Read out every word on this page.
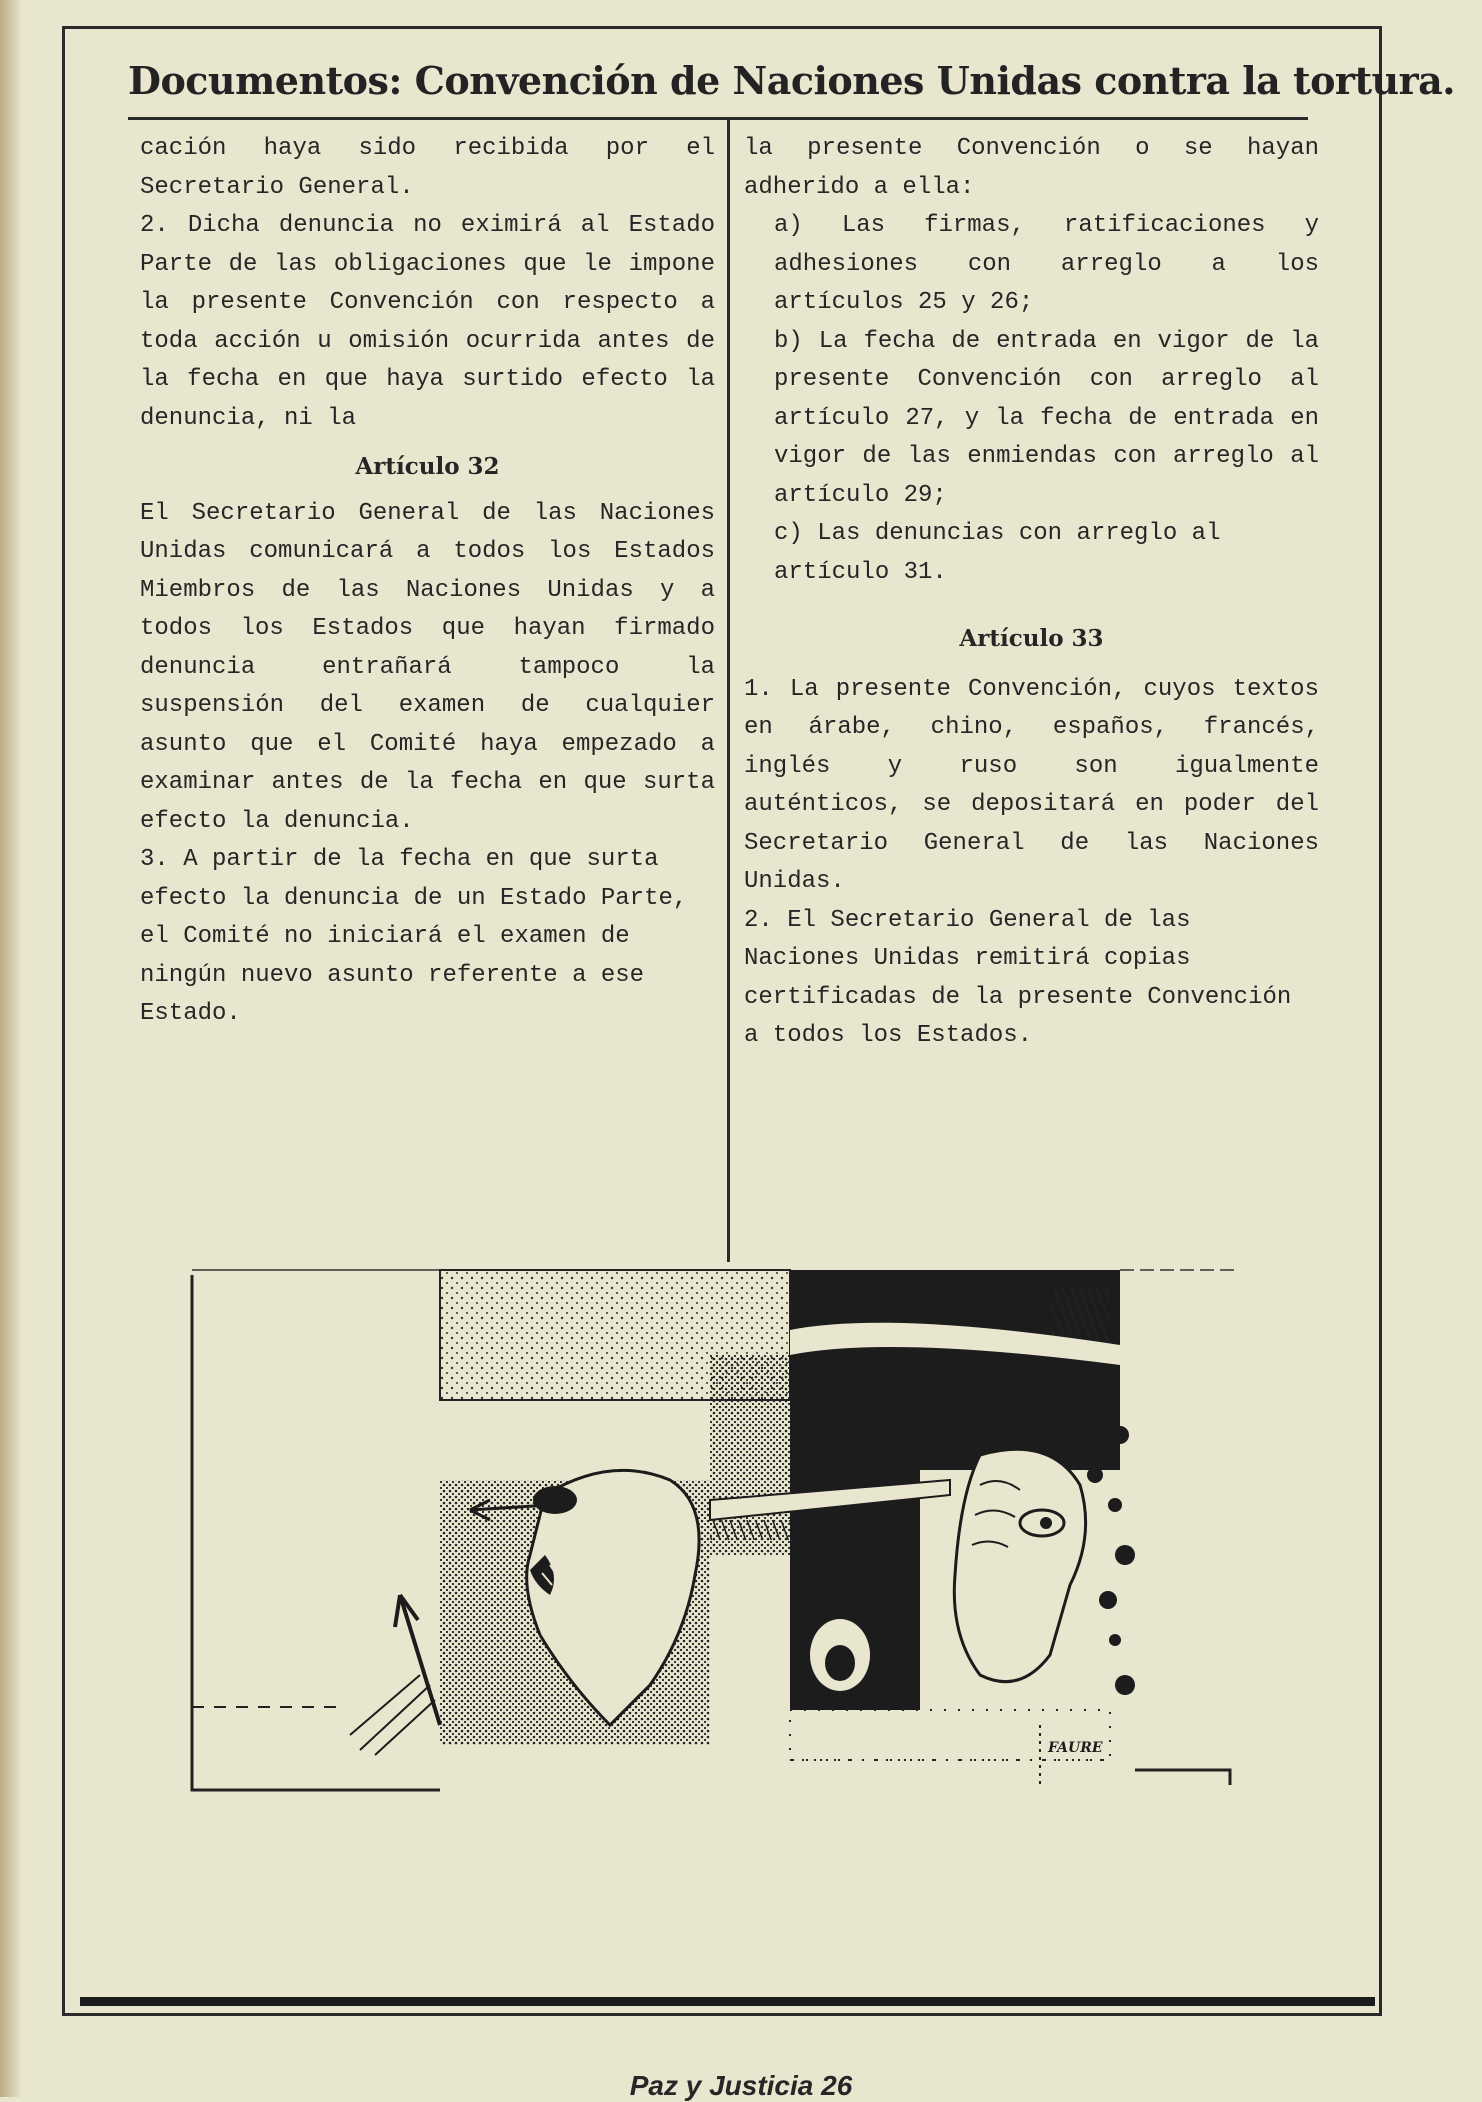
Documentos: Convención de Naciones Unidas contra la tortura.

cación haya sido recibida por el Secretario General.

2. Dicha denuncia no eximirá al Estado Parte de las obligaciones que le impone la presente Convención con respecto a toda acción u omisión ocurrida antes de la fecha en que haya surtido efecto la denuncia, ni la

Artículo 32

El Secretario General de las Naciones Unidas comunicará a todos los Estados Miembros de las Naciones Unidas y a todos los Estados que hayan firmado denuncia entrañará tampoco la suspensión del examen de cualquier asunto que el Comité haya empezado a examinar antes de la fecha en que surta efecto la denuncia.

3. A partir de la fecha en que surta efecto la denuncia de un Estado Parte, el Comité no iniciará el examen de ningún nuevo asunto referente a ese Estado.

la presente Convención o se hayan adherido a ella:

a) Las firmas, ratificaciones y adhesiones con arreglo a los artículos 25 y 26;

b) La fecha de entrada en vigor de la presente Convención con arreglo al artículo 27, y la fecha de entrada en vigor de las enmiendas con arreglo al artículo 29;

c) Las denuncias con arreglo al artículo 31.

Artículo 33

1. La presente Convención, cuyos textos en árabe, chino, españos, francés, inglés y ruso son igualmente auténticos, se depositará en poder del Secretario General de las Naciones Unidas.

2. El Secretario General de las Naciones Unidas remitirá copias certificadas de la presente Convención a todos los Estados.

FAURE
Paz y Justicia 26
